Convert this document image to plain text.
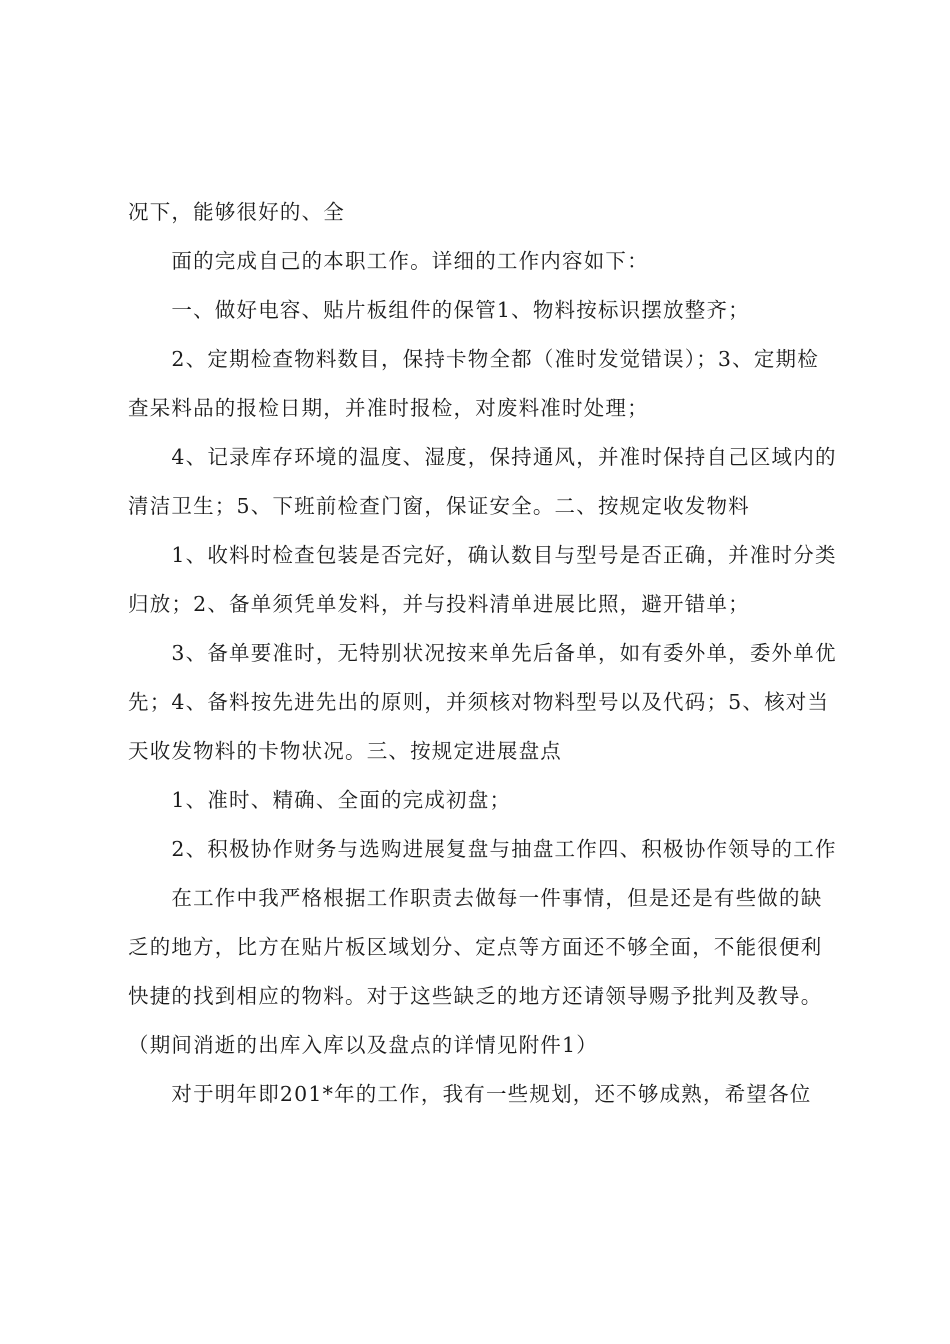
况下，能够很好的、全

　　面的完成自己的本职工作。详细的工作内容如下：

　　一、做好电容、贴片板组件的保管1、物料按标识摆放整齐；

　　2、定期检查物料数目，保持卡物全都（准时发觉错误）；3、定期检查呆料品的报检日期，并准时报检，对废料准时处理；

　　4、记录库存环境的温度、湿度，保持通风，并准时保持自己区域内的清洁卫生；5、下班前检查门窗，保证安全。二、按规定收发物料

　　1、收料时检查包装是否完好，确认数目与型号是否正确，并准时分类归放；2、备单须凭单发料，并与投料清单进展比照，避开错单；

　　3、备单要准时，无特别状况按来单先后备单，如有委外单，委外单优先；4、备料按先进先出的原则，并须核对物料型号以及代码；5、核对当天收发物料的卡物状况。三、按规定进展盘点

　　1、准时、精确、全面的完成初盘；

　　2、积极协作财务与选购进展复盘与抽盘工作四、积极协作领导的工作

　　在工作中我严格根据工作职责去做每一件事情，但是还是有些做的缺乏的地方，比方在贴片板区域划分、定点等方面还不够全面，不能很便利快捷的找到相应的物料。对于这些缺乏的地方还请领导赐予批判及教导。（期间消逝的出库入库以及盘点的详情见附件1）

　　对于明年即201*年的工作，我有一些规划，还不够成熟，希望各位
